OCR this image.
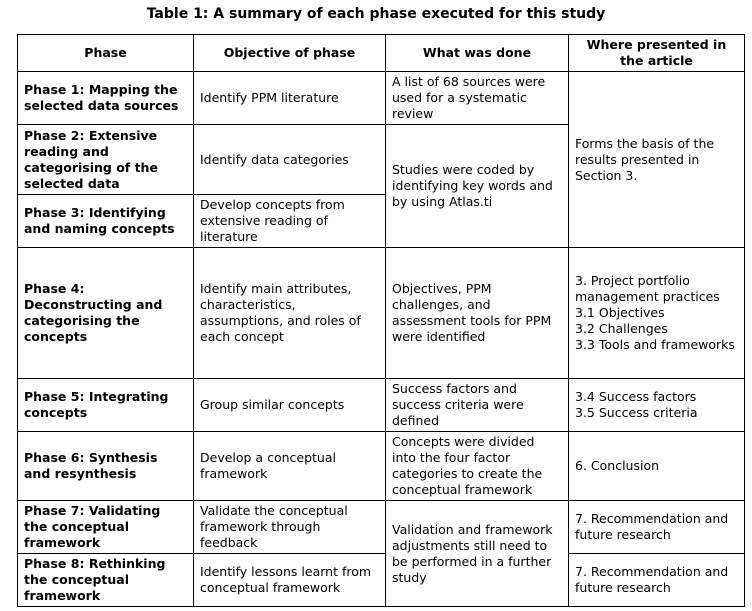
Table 1: A summary of each phase executed for this study
Phase	Objective of phase	What was done	Where presented in the article
Phase 1: Mapping the selected data sources	Identify PPM literature	A list of 68 sources were used for a systematic review	Forms the basis of the results presented in Section 3.
Phase 2: Extensive reading and categorising of the selected data	Identify data categories	Studies were coded by identifying key words and by using Atlas.ti	
Phase 3: Identifying and naming concepts	Develop concepts from extensive reading of literature		
Phase 4: Deconstructing and categorising the concepts	Identify main attributes, characteristics, assumptions, and roles of each concept	Objectives, PPM challenges, and assessment tools for PPM were identified	3. Project portfolio management practices
3.1 Objectives
3.2 Challenges
3.3 Tools and frameworks

Phase 5: Integrating concepts	Group similar concepts	Success factors and success criteria were defined	3.4 Success factors
3.5 Success criteria

Phase 6: Synthesis and resynthesis	Develop a conceptual framework	Concepts were divided into the four factor categories to create the conceptual framework	6. Conclusion
Phase 7: Validating the conceptual framework	Validate the conceptual framework through feedback	Validation and framework adjustments still need to be performed in a further study	7. Recommendation and future research
Phase 8: Rethinking the conceptual framework	Identify lessons learnt from conceptual framework		7. Recommendation and future research
